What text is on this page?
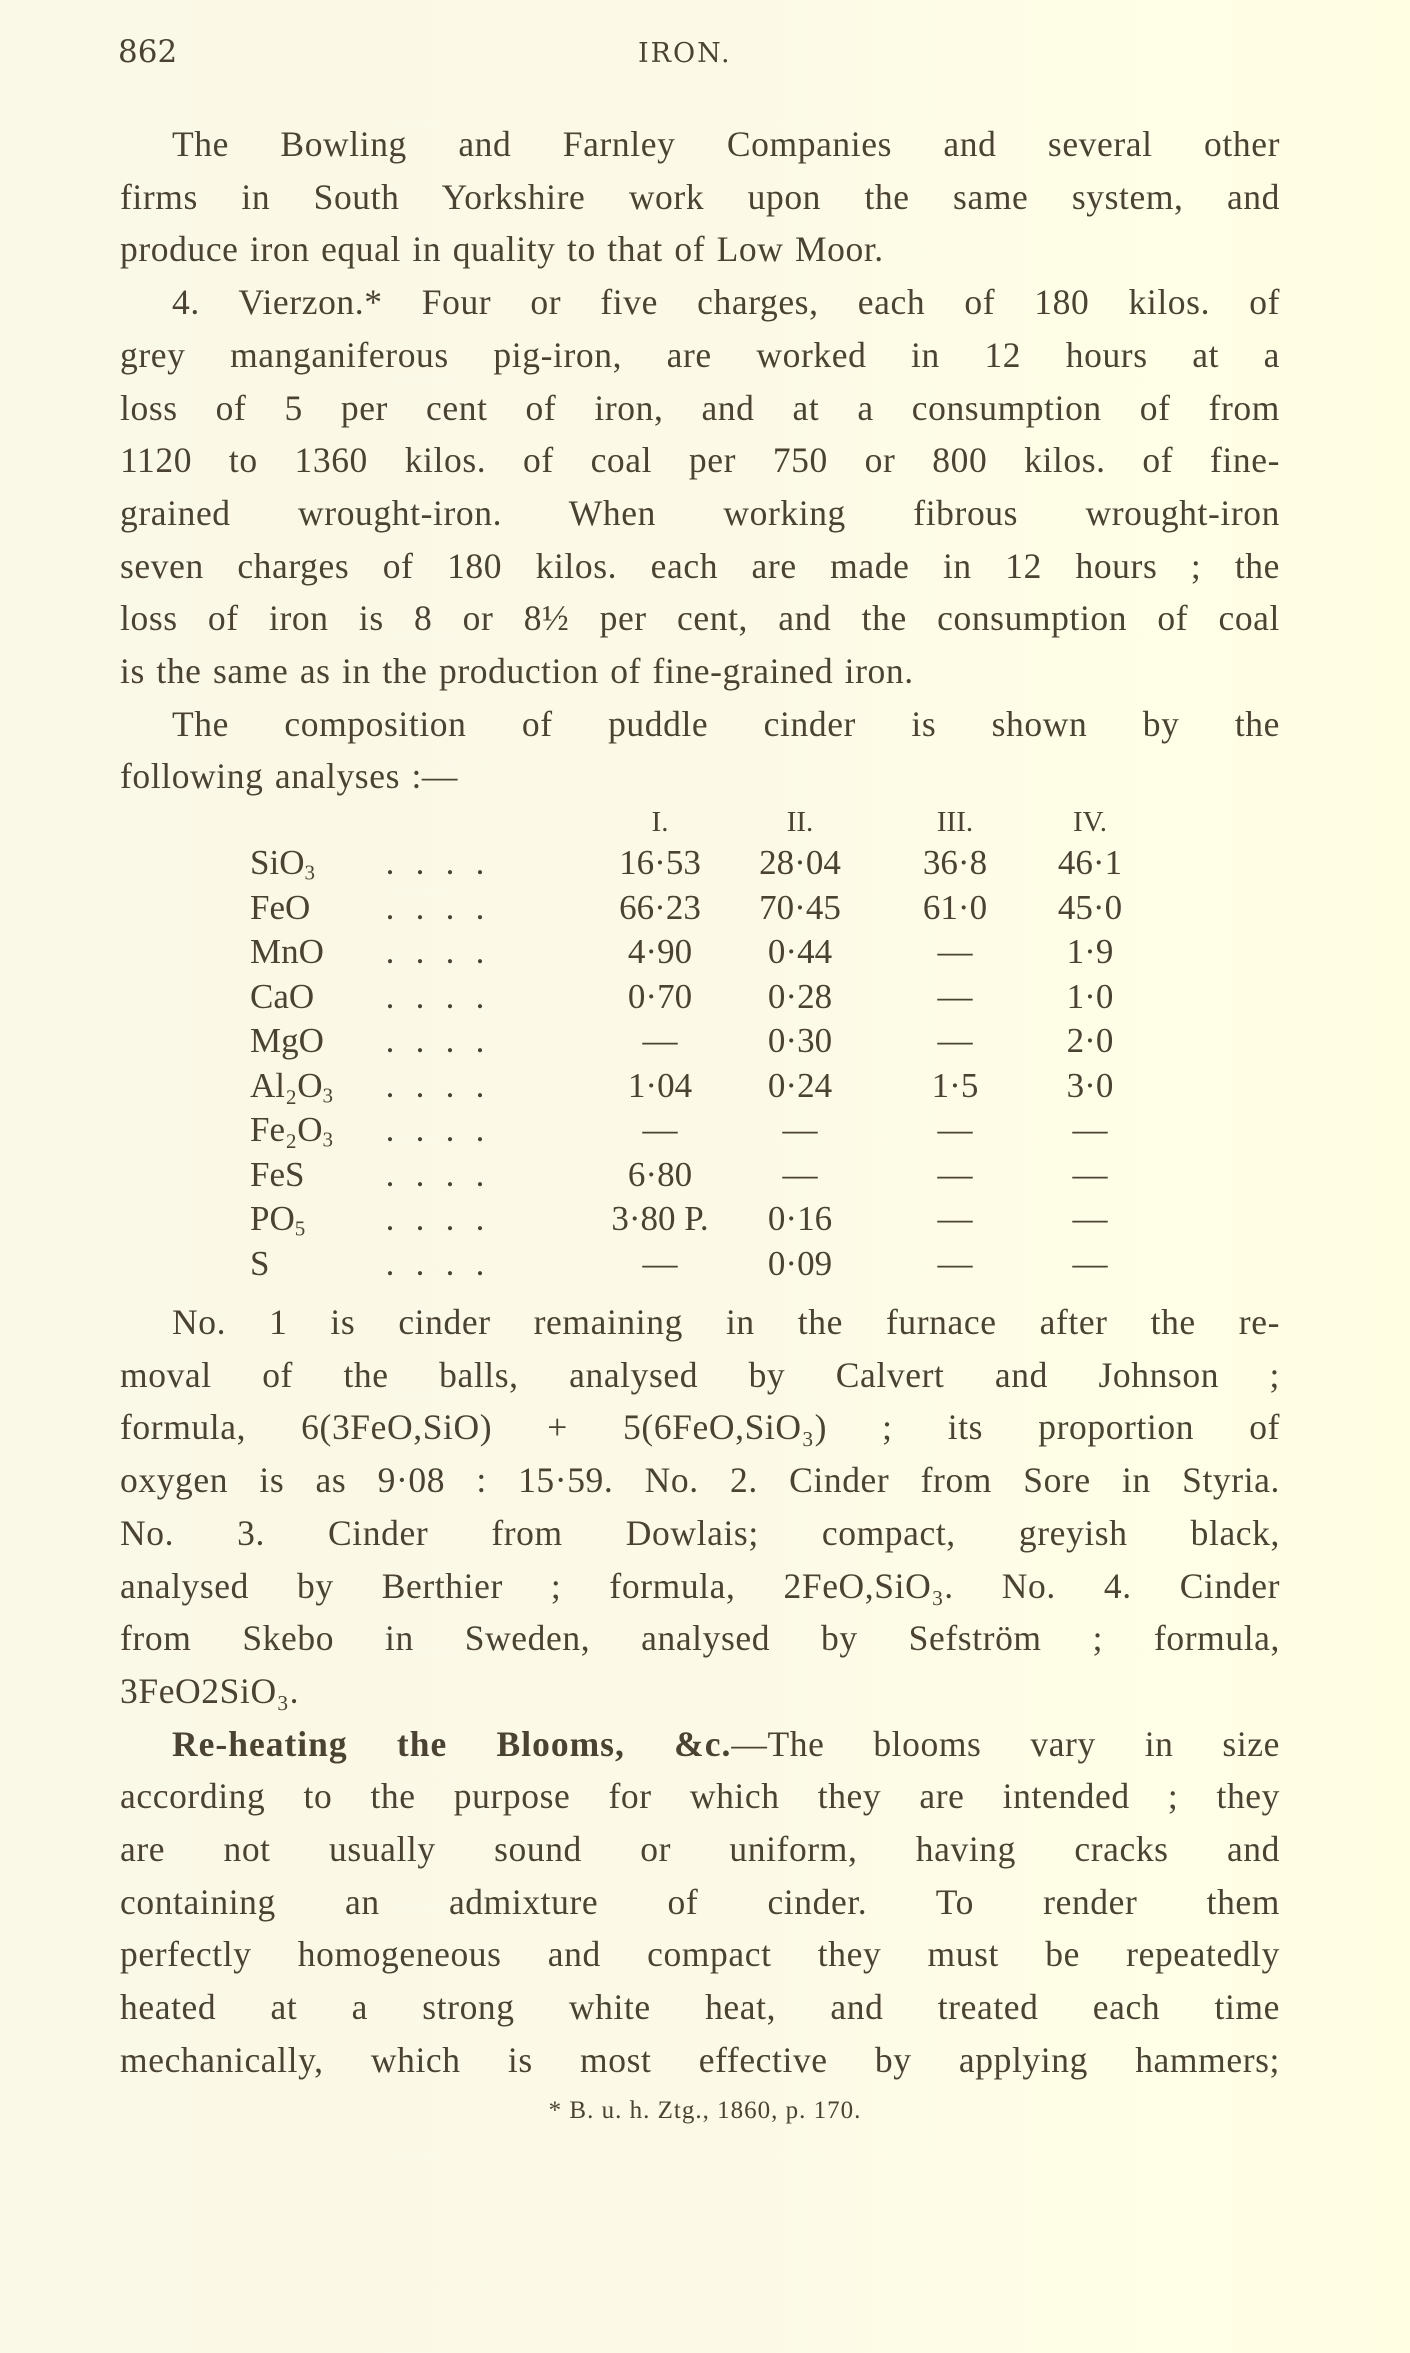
862	IRON.
The Bowling and Farnley Companies and several other
firms in South Yorkshire work upon the same system, and
produce iron equal in quality to that of Low Moor.
4. Vierzon.* Four or five charges, each of 180 kilos. of
grey manganiferous pig-iron, are worked in 12 hours at a
loss of 5 per cent of iron, and at a consumption of from
1120 to 1360 kilos. of coal per 750 or 800 kilos. of fine-
grained wrought-iron. When working fibrous wrought-iron
seven charges of 180 kilos. each are made in 12 hours ; the
loss of iron is 8 or 8½ per cent, and the consumption of coal
is the same as in the production of fine-grained iron.
The composition of puddle cinder is shown by the
following analyses :—
		I.	II.	III.	IV.
SiO$_3$	. . . .	16·53	28·04	36·8	46·1
FeO	. . . .	66·23	70·45	61·0	45·0
MnO	. . . .	4·90	0·44	—	1·9
CaO	. . . .	0·70	0·28	—	1·0
MgO	. . . .	—	0·30	—	2·0
$Al_2O_3$	. . . .	1·04	0·24	1·5	3·0
$Fe_2O_3$	. . . .	—	—	—	—
FeS	. . . .	6·80	—	—	—
$PO_5$	. . . .	3·80 P.	0·16	—	—
S	. . . .	—	0·09	—	—
No. 1 is cinder remaining in the furnace after the re-
moval of the balls, analysed by Calvert and Johnson ;
formula, 6(3FeO,SiO) + 5(6FeO,SiO₃) ; its proportion of
oxygen is as 9·08 : 15·59. No. 2. Cinder from Sore in Styria.
No. 3. Cinder from Dowlais; compact, greyish black,
analysed by Berthier ; formula, 2FeO,SiO₃. No. 4. Cinder
from Skebo in Sweden, analysed by Sefström ; formula,
3FeO2SiO₃.
Re-heating the Blooms, &c.—The blooms vary in size
according to the purpose for which they are intended ; they
are not usually sound or uniform, having cracks and
containing an admixture of cinder. To render them
perfectly homogeneous and compact they must be repeatedly
heated at a strong white heat, and treated each time
mechanically, which is most effective by applying hammers;
* B. u. h. Ztg., 1860, p. 170.
